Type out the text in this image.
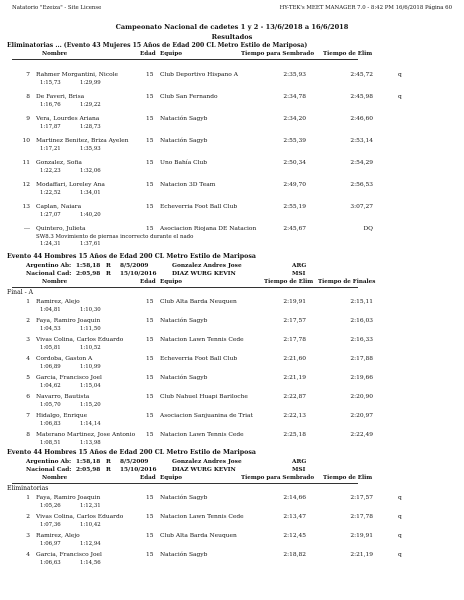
Natatorio "Ezeiza" - Site License	HY-TEK's MEET MANAGER 7.0 - 8:42 PM 16/6/2018 Página 60
Campeonato Nacional de cadetes 1 y 2 - 13/6/2018 a 16/6/2018
Resultados
Eliminatorias ... (Evento 43 Mujeres 15 Años de Edad 200 CL Metro Estilo de Mariposa)
Nombre	Edad Equipo	Tiempo para Sembrado Tiempo de Elim
7 Rahmer Morgantini, Nicole	15 Club Deportivo Hispano A	2:35,93	2:45,72	q
1:15,73	1:29,99
8 De Faveri, Brisa	15 Club San Fernando	2:34,78	2:45,98	q
1:16,76	1:29,22
9 Vera, Lourdes Ariana	15 Natación Sagyb	2:34,20	2:46,60
1:17,87	1:28,73
10 Martinez Benitez, Briza Ayelen	15 Natación Sagyb	2:55,39	2:53,14
1:17,21	1:35,93
11 Gonzalez, Sofia	15 Uno Bahía Club	2:50,34	2:54,29
1:22,23	1:32,06
12 Modaffari, Loreley Ana	15 Natacion 3D Team	2:49,70	2:56,53
1:22,52	1:34,01
13 Caplan, Naiara	15 Echeverria Foot Ball Club	2:55,19	3:07,27
1:27,07	1:40,20
--- Quintero, Julieta	15 Asociacion Riojana DE Natacion	2:45,67	DQ
SW8.3 Movimiento de piernas incorrecto durante el nado
1:24,31	1:37,61
Evento 44 Hombres 15 Años de Edad 200 CL Metro Estilo de Mariposa
Argentino Ab: 1:58,18 R 8/5/2009	Gonzalez Andres Jose	ARG
Nacional Cad: 2:05,98 R 15/10/2016	DIAZ WURG KEVIN	MSI
Nombre	Edad Equipo	Tiempo de Elim Tiempo de Finales
Final - A
1 Ramirez, Alejo	15 Club Alta Barda Neuquen	2:19,91	2:15,11
1:04,81	1:10,30
2 Faya, Ramiro Joaquin	15 Natación Sagyb	2:17,57	2:16,03
1:04,53	1:11,50
3 Vivas Colina, Carlos Eduardo	15 Natacion Lawn Tennis Cede	2:17,78	2:16,33
1:05,81	1:10,52
4 Cordoba, Gaston A	15 Echeverria Foot Ball Club	2:21,60	2:17,88
1:06,89	1:10,99
5 Garcia, Francisco Joel	15 Natación Sagyb	2:21,19	2:19,66
1:04,62	1:15,04
6 Navarro, Bautista	15 Club Nahuel Huapi Bariloche	2:22,87	2:20,90
1:05,70	1:15,20
7 Hidalgo, Enrique	15 Asociacion Sanjuanina de Triat	2:22,13	2:20,97
1:06,83	1:14,14
8 Materano Martinez, Jose Antonio 15 Natacion Lawn Tennis Cede	2:25,18	2:22,49
1:08,51	1:13,98
Evento 44 Hombres 15 Años de Edad 200 CL Metro Estilo de Mariposa
Argentino Ab: 1:58,18 R 8/5/2009	Gonzalez Andres Jose	ARG
Nacional Cad: 2:05,98 R 15/10/2016	DIAZ WURG KEVIN	MSI
Nombre	Edad Equipo	Tiempo para Sembrado Tiempo de Elim
Eliminatorias
1 Faya, Ramiro Joaquin	15 Natación Sagyb	2:14,66	2:17,57	q
1:05,26	1:12,31
2 Vivas Colina, Carlos Eduardo	15 Natacion Lawn Tennis Cede	2:13,47	2:17,78	q
1:07,36	1:10,42
3 Ramirez, Alejo	15 Club Alta Barda Neuquen	2:12,45	2:19,91	q
1:06,97	1:12,94
4 Garcia, Francisco Joel	15 Natación Sagyb	2:18,82	2:21,19	q
1:06,63	1:14,56
